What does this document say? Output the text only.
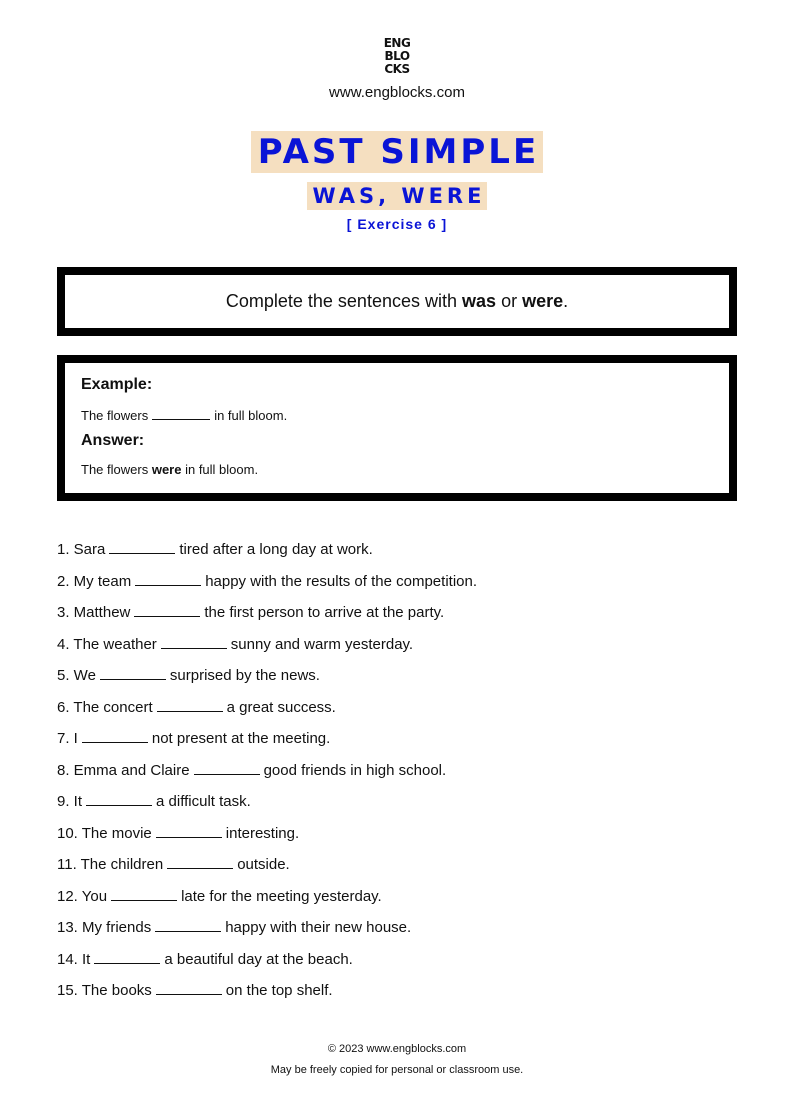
ENG
BLO
CKS
www.engblocks.com
PAST SIMPLE
WAS, WERE
[ Exercise 6 ]
Complete the sentences with was or were.
Example:
The flowers	in full bloom.
Answer:
The flowers were in full bloom.
1. Sara	tired after a long day at work.
2. My team	happy with the results of the competition.
3. Matthew	the first person to arrive at the party.
4. The weather	sunny and warm yesterday.
5. We	surprised by the news.
6. The concert	a great success.
7. I	not present at the meeting.
8. Emma and Claire	good friends in high school.
9. It	a difficult task.
10. The movie	interesting.
11. The children	outside.
12. You	late for the meeting yesterday.
13. My friends	happy with their new house.
14. It	a beautiful day at the beach.
15. The books	on the top shelf.
© 2023 www.engblocks.com
May be freely copied for personal or classroom use.
